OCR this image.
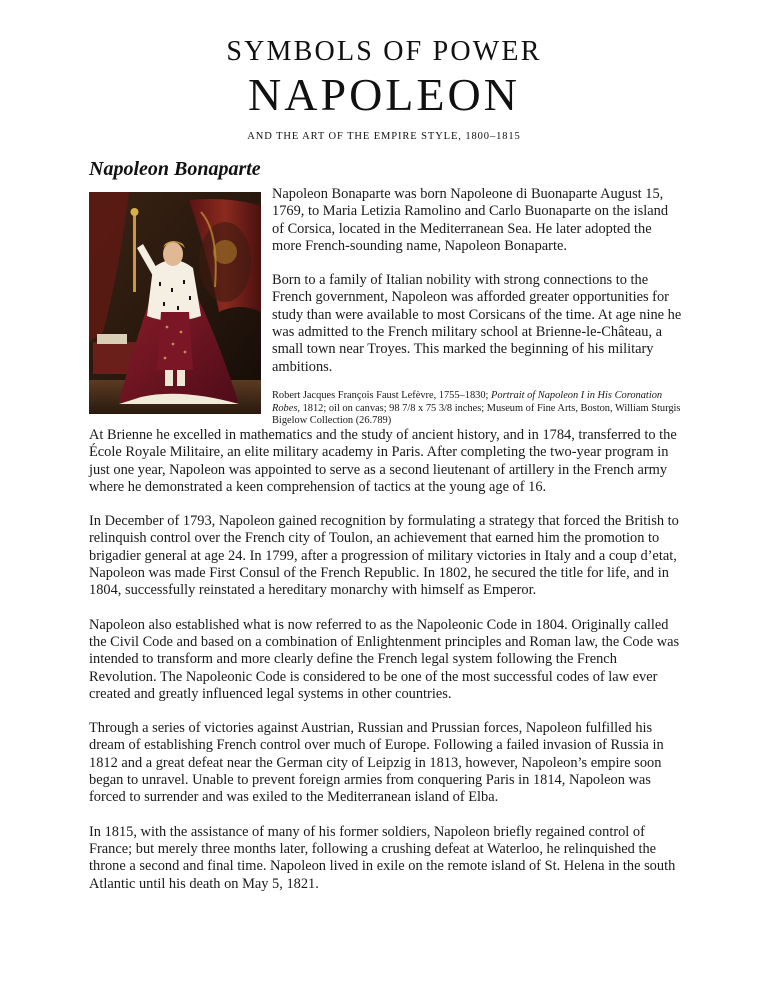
SYMBOLS OF POWER
NAPOLEON
AND THE ART OF THE EMPIRE STYLE, 1800–1815
Napoleon Bonaparte

Napoleon Bonaparte was born Napoleone di Buonaparte August 15, 1769, to Maria Letizia Ramolino and Carlo Buonaparte on the island of Corsica, located in the Mediterranean Sea. He later adopted the more French-sounding name, Napoleon Bonaparte.

Born to a family of Italian nobility with strong connections to the French government, Napoleon was afforded greater opportunities for study than were available to most Corsicans of the time. At age nine he was admitted to the French military school at Brienne-le-Château, a small town near Troyes. This marked the beginning of his military ambitions.

Robert Jacques François Faust Lefèvre, 1755–1830; Portrait of Napoleon I in His Coronation Robes, 1812; oil on canvas; 98 7/8 x 75 3/8 inches; Museum of Fine Arts, Boston, William Sturgis Bigelow Collection (26.789)

At Brienne he excelled in mathematics and the study of ancient history, and in 1784, transferred to the École Royale Militaire, an elite military academy in Paris. After completing the two-year program in just one year, Napoleon was appointed to serve as a second lieutenant of artillery in the French army where he demonstrated a keen comprehension of tactics at the young age of 16.

In December of 1793, Napoleon gained recognition by formulating a strategy that forced the British to relinquish control over the French city of Toulon, an achievement that earned him the promotion to brigadier general at age 24. In 1799, after a progression of military victories in Italy and a coup d’etat, Napoleon was made First Consul of the French Republic. In 1802, he secured the title for life, and in 1804, successfully reinstated a hereditary monarchy with himself as Emperor.

Napoleon also established what is now referred to as the Napoleonic Code in 1804. Originally called the Civil Code and based on a combination of Enlightenment principles and Roman law, the Code was intended to transform and more clearly define the French legal system following the French Revolution. The Napoleonic Code is considered to be one of the most successful codes of law ever created and greatly influenced legal systems in other countries.

Through a series of victories against Austrian, Russian and Prussian forces, Napoleon fulfilled his dream of establishing French control over much of Europe. Following a failed invasion of Russia in 1812 and a great defeat near the German city of Leipzig in 1813, however, Napoleon’s empire soon began to unravel. Unable to prevent foreign armies from conquering Paris in 1814, Napoleon was forced to surrender and was exiled to the Mediterranean island of Elba.

In 1815, with the assistance of many of his former soldiers, Napoleon briefly regained control of France; but merely three months later, following a crushing defeat at Waterloo, he relinquished the throne a second and final time. Napoleon lived in exile on the remote island of St. Helena in the south Atlantic until his death on May 5, 1821.
